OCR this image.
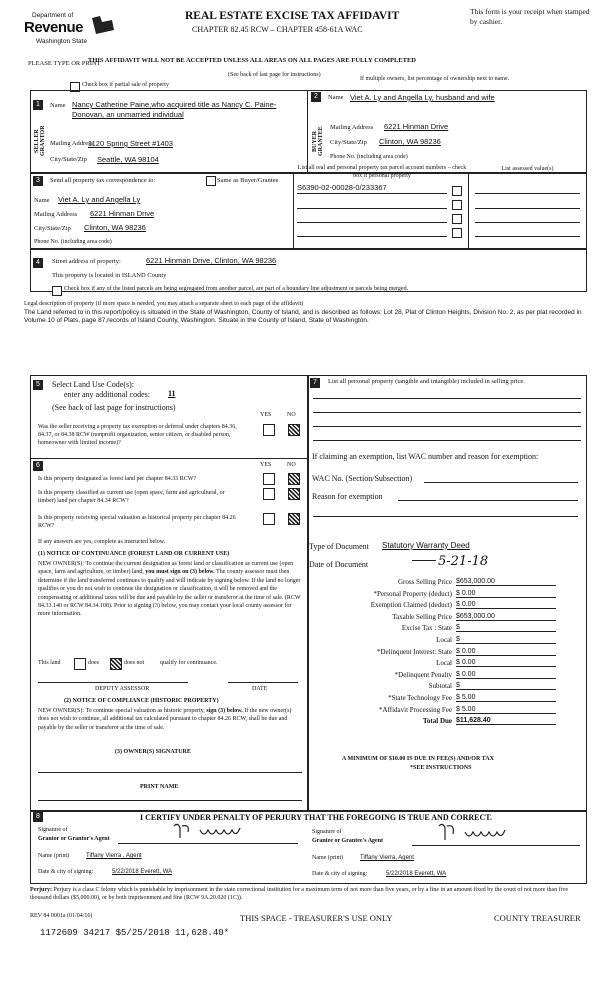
Department of
Revenue
Washington State
REAL ESTATE EXCISE TAX AFFIDAVIT
CHAPTER 82.45 RCW – CHAPTER 458-61A WAC
This form is your receipt when stamped by cashier.
PLEASE TYPE OR PRINT
THIS AFFIDAVIT WILL NOT BE ACCEPTED UNLESS ALL AREAS ON ALL PAGES ARE FULLY COMPLETED
(See back of last page for instructions)
Check box if partial sale of property
If multiple owners, list percentage of ownership next to name.
1
SELLER GRANTOR
Name Nancy Catherine Paine,who acquired title as Nancy C. Paine-Donovan, an unmarried individual
Mailing Address
1120 Spring Street #1403
City/State/Zip Seattle, WA 98104
2
BUYER GRANTEE
Name Viet A. Ly and Angella Ly, husband and wife
Mailing Address 6221 Hinman Drive
City/State/Zip Clinton, WA 98236
Phone No. (including area code)
3	Send all property tax correspondence to:	Same as Buyer/Grantee
Name Viet A. Ly and Angella Ly
Mailing Address 6221 Hinman Drive
City/State/Zip Clinton, WA 98236
Phone No. (including area code)
List all real and personal property tax parcel account numbers – check box if personal property
List assessed value(s)
S6390-02-00028-0/233367
4	Street address of property:	6221 Hinman Drive, Clinton, WA 98236
This property is located in ISLAND County
Check box if any of the listed parcels are being segregated from another parcel, are part of a boundary line adjustment or parcels being merged.
Legal description of property (if more space is needed, you may attach a separate sheet to each page of the affidavit)
The Land referred to in this report/policy is situated in the State of Washington, County of Island, and is described as follows: Lot 28, Plat of Clinton Heights, Division No. 2, as per plat recorded in Volume 10 of Plats, page 87,records of Island County, Washington. Situate in the County of Island, State of Washington.
5	Select Land Use Code(s):
enter any additional codes: 11
(See back of last page for instructions)
YES	NO
Was the seller receiving a property tax exemption or deferral under chapters 84.36, 84.37, or 84.38 RCW (nonprofit organization, senior citizen, or disabled person, homeowner with limited income)?
6	YES	NO
Is this property designated as forest land per chapter 84.33 RCW?
Is this property classified as current use (open space, farm and agricultural, or timber) land per chapter 84.34 RCW?
Is this property receiving special valuation as historical property per chapter 84.26 RCW?
If any answers are yes, complete as instructed below.
(1) NOTICE OF CONTINUANCE (FOREST LAND OR CURRENT USE)
NEW OWNER(S): To continue the current designation as forest land or classification as current use (open space, farm and agriculture, or timber) land, you must sign on (3) below. The county assessor must then determine if the land transferred continues to qualify and will indicate by signing below. If the land no longer qualifies or you do not wish to continue the designation or classification, it will be removed and the compensating or additional taxes will be due and payable by the seller or transferor at the time of sale. (RCW 84.33.140 or RCW 84.34.108). Prior to signing (3) below, you may contact your local county assessor for more information.
This land	does	does not	qualify for continuance.
DEPUTY ASSESSOR	DATE
(2) NOTICE OF COMPLIANCE (HISTORIC PROPERTY)
NEW OWNER(S): To continue special valuation as historic property, sign (3) below. If the new owner(s) does not wish to continue, all additional tax calculated pursuant to chapter 84.26 RCW, shall be due and payable by the seller or transferor at the time of sale.
(3) OWNER(S) SIGNATURE
PRINT NAME
7	List all personal property (tangible and intangible) included in selling price.
If claiming an exemption, list WAC number and reason for exemption:
WAC No. (Section/Subsection)
Reason for exemption
Type of Document Statutory Warranty Deed
Date of Document	5-21-18
Gross Selling Price $653,000.00
*Personal Property (deduct) $ 0.00
Exemption Claimed (deduct) $ 0.00
Taxable Selling Price $653,000.00
Excise Tax : State $
Local $
*Delinquent Interest: State $ 0.00
Local $ 0.00
*Delinquent Penalty $ 0.00
Subtotal $
*State Technology Fee $ 5.00
*Affidavit Processing Fee $ 5.00
Total Due $11,628.40
A MINIMUM OF $10.00 IS DUE IN FEE(S) AND/OR TAX
*SEE INSTRUCTIONS
8	I CERTIFY UNDER PENALTY OF PERJURY THAT THE FOREGOING IS TRUE AND CORRECT.
Signature of
Grantor or Grantor's Agent
Name (print)	Tiffany Vierra , Agent
Date & city of signing:	5/22/2018 Everett, WA
Signature of
Grantee or Grantee's Agent
Name (print)	Tiffany Vierra, Agent
Date & city of signing:	5/22/2018 Everett, WA
Perjury: Perjury is a class C felony which is punishable by imprisonment in the state correctional institution for a maximum term of not more than five years, or by a fine in an amount fixed by the court of not more than five thousand dollars ($5,000.00), or by both imprisonment and fine (RCW 9A.20.020 (1C)).
REV 84 0001a (01/04/16)	THIS SPACE - TREASURER'S USE ONLY	COUNTY TREASURER
1172609 34217 $5/25/2018 11,628.40*
